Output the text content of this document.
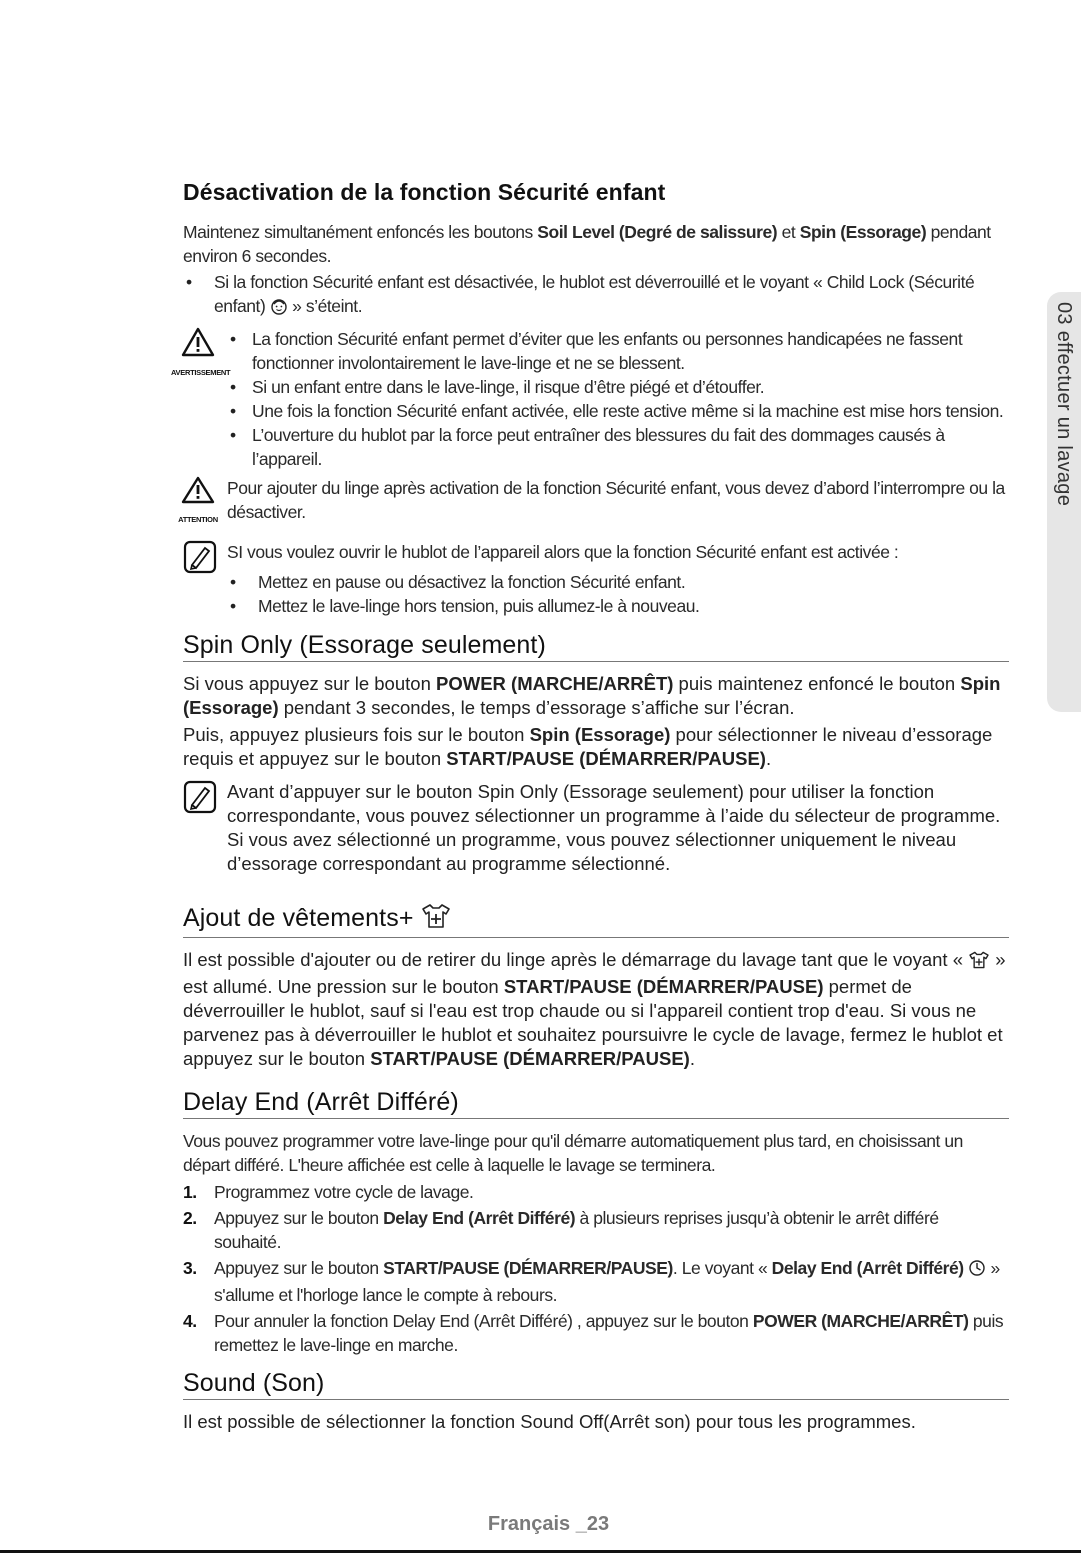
03 effectuer un lavage
Désactivation de la fonction Sécurité enfant

Maintenez simultanément enfoncés les boutons Soil Level (Degré de salissure) et Spin (Essorage) pendant environ 6 secondes.

• Si la fonction Sécurité enfant est désactivée, le hublot est déverrouillé et le voyant « Child Lock (Sécurité enfant)  » s’éteint.
AVERTISSEMENT
• La fonction Sécurité enfant permet d’éviter que les enfants ou personnes handicapées ne fassent fonctionner involontairement le lave-linge et ne se blessent.
• Si un enfant entre dans le lave-linge, il risque d’être piégé et d’étouffer.
• Une fois la fonction Sécurité enfant activée, elle reste active même si la machine est mise hors tension.
• L’ouverture du hublot par la force peut entraîner des blessures du fait des dommages causés à l’appareil.
ATTENTION

Pour ajouter du linge après activation de la fonction Sécurité enfant, vous devez d’abord l’interrompre ou la désactiver.

SI vous voulez ouvrir le hublot de l’appareil alors que la fonction Sécurité enfant est activée :

• Mettez en pause ou désactivez la fonction Sécurité enfant.
• Mettez le lave-linge hors tension, puis allumez-le à nouveau.
Spin Only (Essorage seulement)

Si vous appuyez sur le bouton POWER (MARCHE/ARRÊT) puis maintenez enfoncé le bouton Spin (Essorage) pendant 3 secondes, le temps d’essorage s’affiche sur l’écran.

Puis, appuyez plusieurs fois sur le bouton Spin (Essorage) pour sélectionner le niveau d’essorage requis et appuyez sur le bouton START/PAUSE (DÉMARRER/PAUSE).

Avant d’appuyer sur le bouton Spin Only (Essorage seulement) pour utiliser la fonction correspondante, vous pouvez sélectionner un programme à l’aide du sélecteur de programme. Si vous avez sélectionné un programme, vous pouvez sélectionner uniquement le niveau d’essorage correspondant au programme sélectionné.

Ajout de vêtements+

Il est possible d'ajouter ou de retirer du linge après le démarrage du lavage tant que le voyant «  » est allumé. Une pression sur le bouton START/PAUSE (DÉMARRER/PAUSE) permet de déverrouiller le hublot, sauf si l'eau est trop chaude ou si l'appareil contient trop d'eau. Si vous ne parvenez pas à déverrouiller le hublot et souhaitez poursuivre le cycle de lavage, fermez le hublot et appuyez sur le bouton START/PAUSE (DÉMARRER/PAUSE).

Delay End (Arrêt Différé)

Vous pouvez programmer votre lave-linge pour qu'il démarre automatiquement plus tard, en choisissant un départ différé. L'heure affichée est celle à laquelle le lavage se terminera.

1. Programmez votre cycle de lavage.
2. Appuyez sur le bouton Delay End (Arrêt Différé) à plusieurs reprises jusqu’à obtenir le arrêt différé souhaité.
3. Appuyez sur le bouton START/PAUSE (DÉMARRER/PAUSE). Le voyant « Delay End (Arrêt Différé)  » s'allume et l'horloge lance le compte à rebours.
4. Pour annuler la fonction Delay End (Arrêt Différé) , appuyez sur le bouton POWER (MARCHE/ARRÊT) puis remettez le lave-linge en marche.
Sound (Son)

Il est possible de sélectionner la fonction Sound Off(Arrêt son) pour tous les programmes.

Français _23
